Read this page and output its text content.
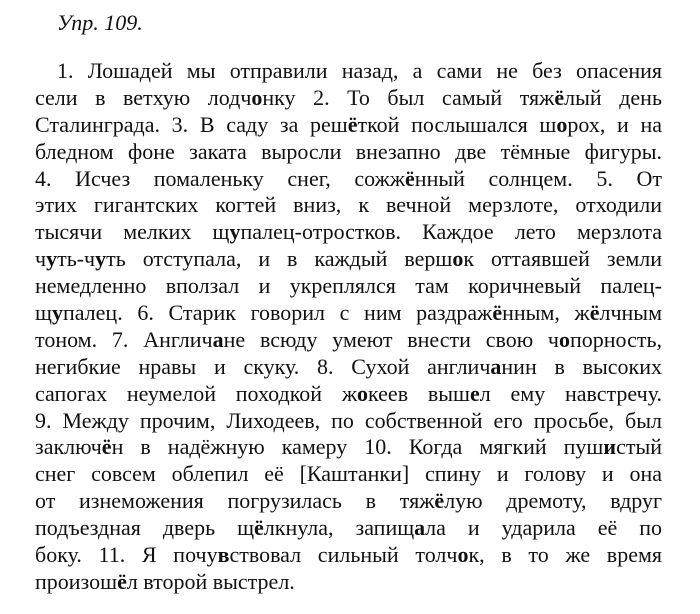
Упр. 109.
1. Лошадей мы отправили назад, а сами не без опасения
сели в ветхую лодчонку 2. То был самый тяжёлый день
Сталинграда. 3. В саду за решёткой послышался шорох, и на
бледном фоне заката выросли внезапно две тёмные фигуры.
4. Исчез помаленьку снег, сожжённый солнцем. 5. От
этих гигантских когтей вниз, к вечной мерзлоте, отходили
тысячи мелких щупалец-отростков. Каждое лето мерзлота
чуть-чуть отступала, и в каждый вершок оттаявшей земли
немедленно вползал и укреплялся там коричневый палец-
щупалец. 6. Старик говорил с ним раздражённым, жёлчным
тоном. 7. Англичане всюду умеют внести свою чопорность,
негибкие нравы и скуку. 8. Сухой англичанин в высоких
сапогах неумелой походкой жокеев вышел ему навстречу.
9. Между прочим, Лиходеев, по собственной его просьбе, был
заключён в надёжную камеру 10. Когда мягкий пушистый
снег совсем облепил её [Каштанки] спину и голову и она
от изнеможения погрузилась в тяжёлую дремоту, вдруг
подъездная дверь щёлкнула, запищала и ударила её по
боку. 11. Я почувствовал сильный толчок, в то же время
произошёл второй выстрел.
